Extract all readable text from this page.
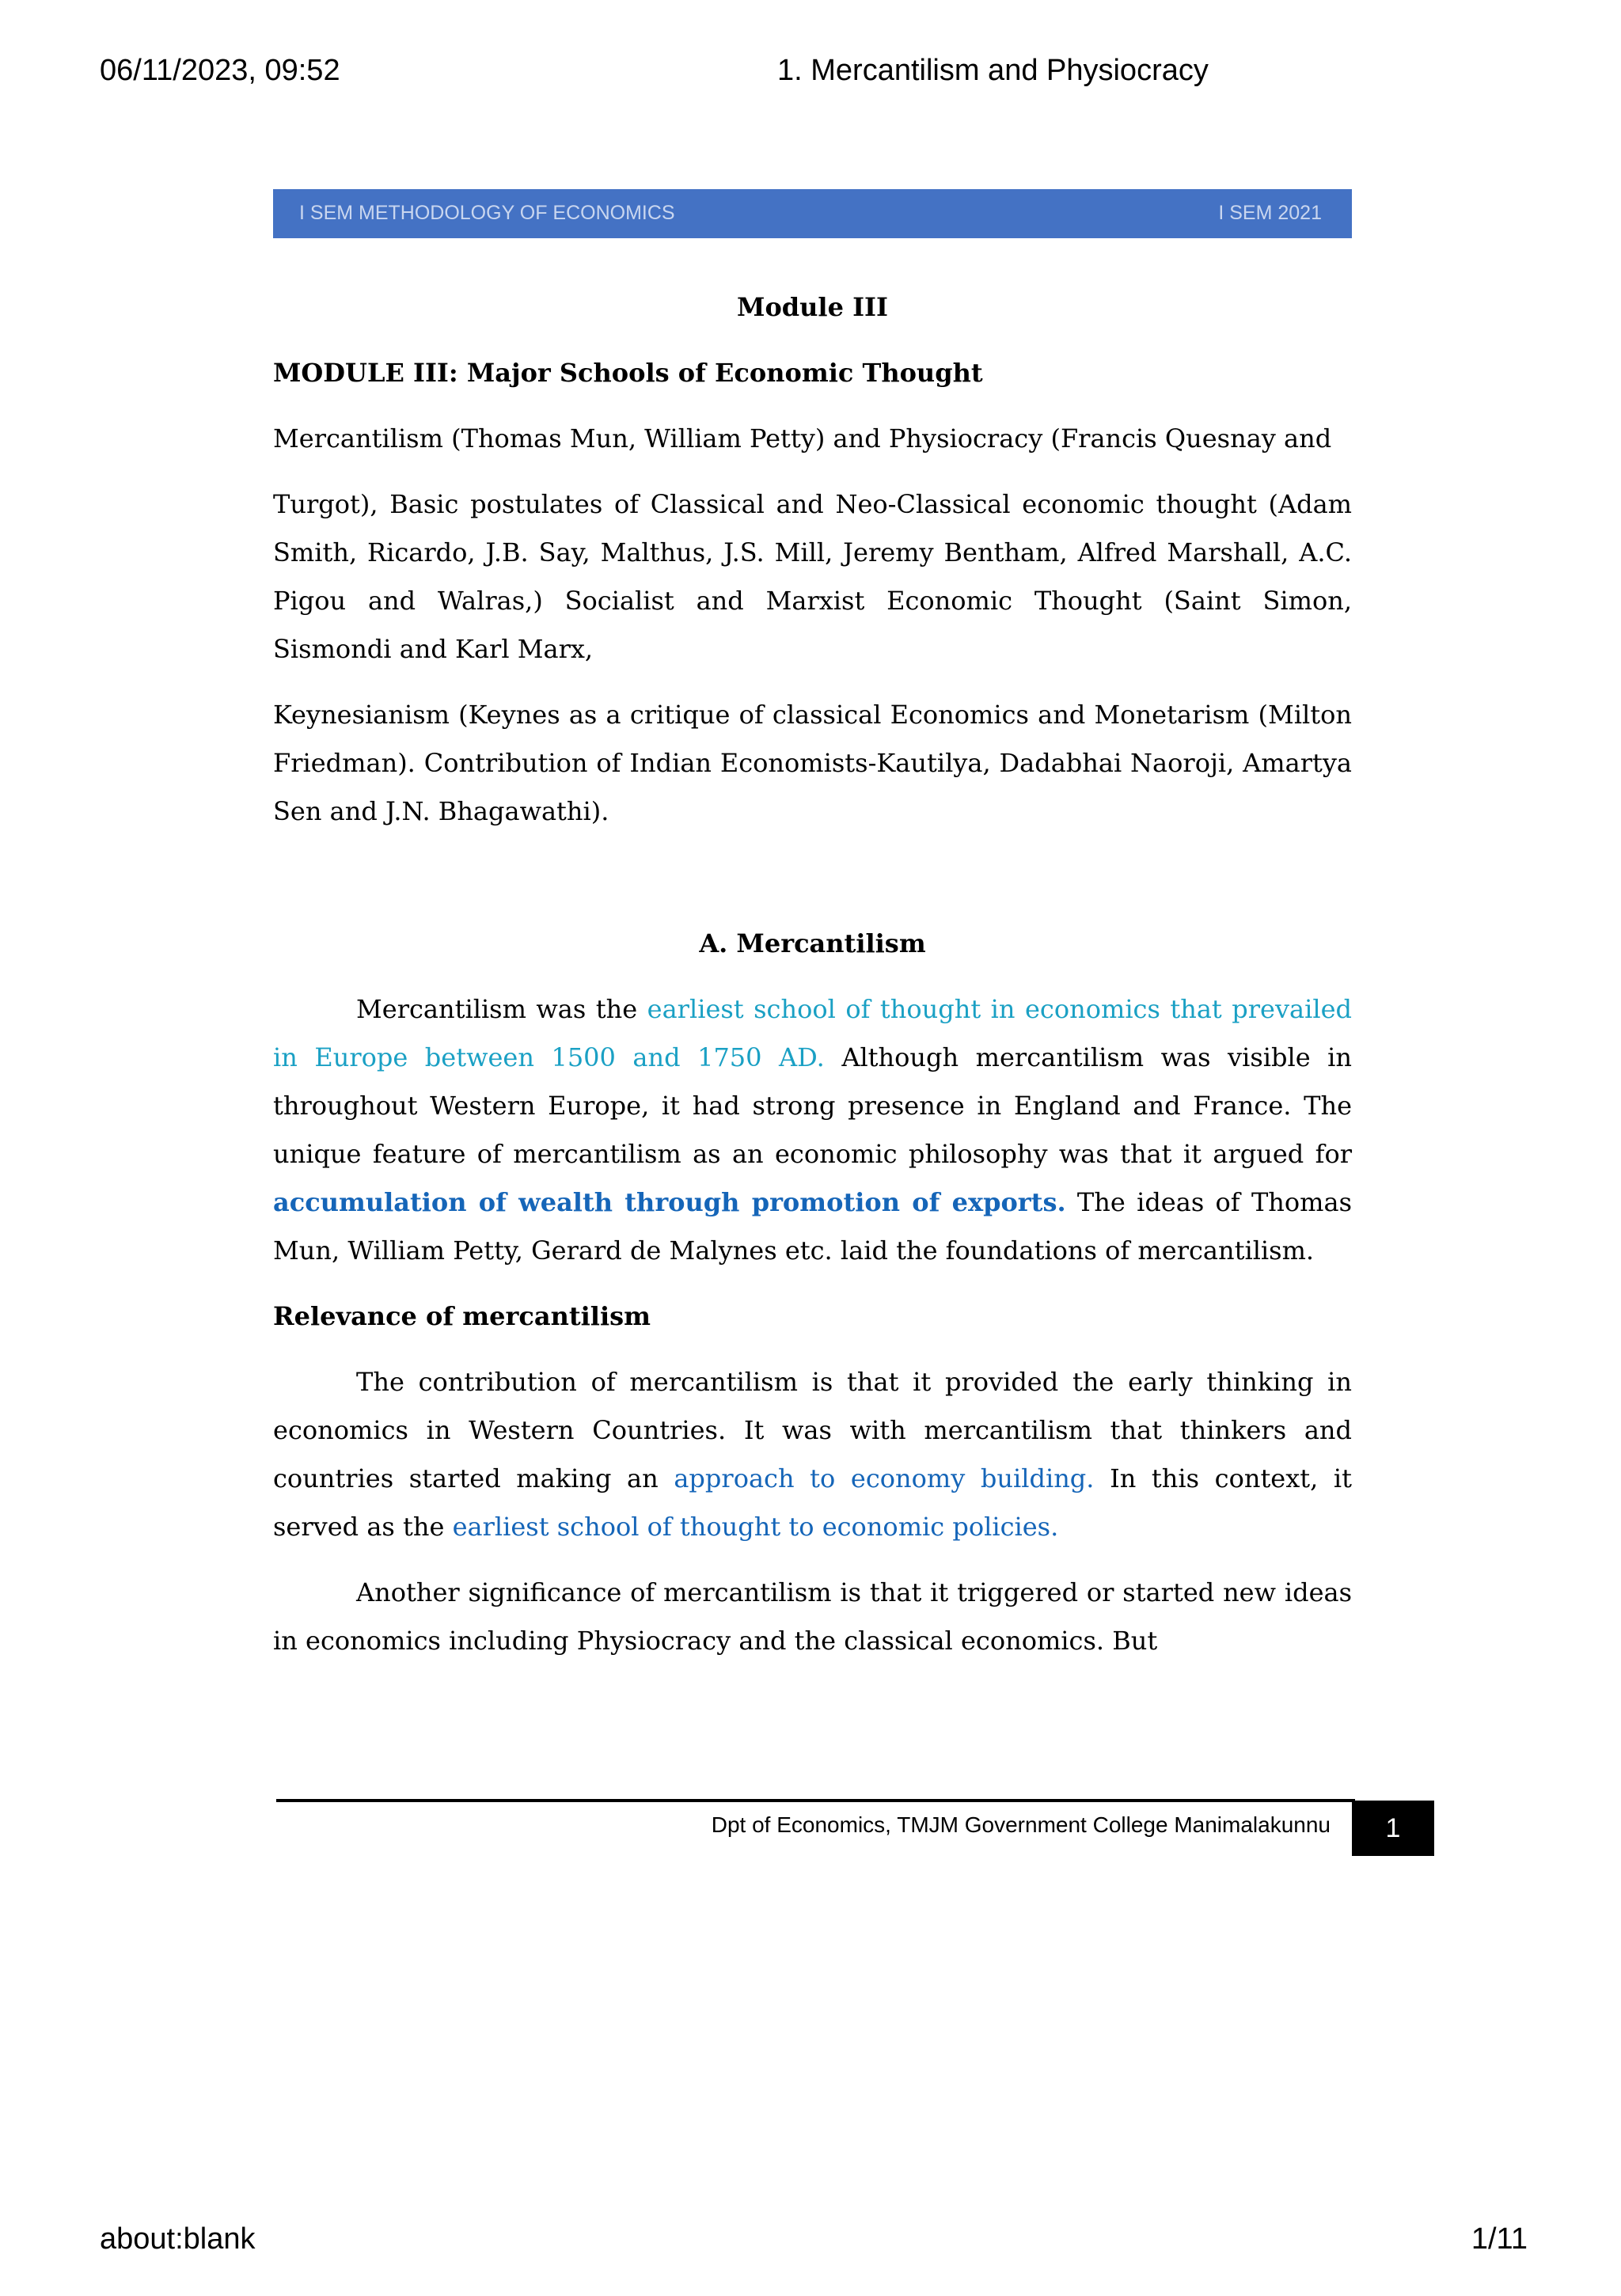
06/11/2023, 09:52	1. Mercantilism and Physiocracy
I SEM METHODOLOGY OF ECONOMICS	I SEM 2021

Module III

MODULE III: Major Schools of Economic Thought

Mercantilism (Thomas Mun, William Petty) and Physiocracy (Francis Quesnay and

Turgot), Basic postulates of Classical and Neo-Classical economic thought (Adam Smith, Ricardo, J.B. Say, Malthus, J.S. Mill, Jeremy Bentham, Alfred Marshall, A.C. Pigou and Walras,) Socialist and Marxist Economic Thought (Saint Simon, Sismondi and Karl Marx,

Keynesianism (Keynes as a critique of classical Economics and Monetarism (Milton Friedman). Contribution of Indian Economists-Kautilya, Dadabhai Naoroji, Amartya Sen and J.N. Bhagawathi).

A. Mercantilism

Mercantilism was the earliest school of thought in economics that prevailed in Europe between 1500 and 1750 AD. Although mercantilism was visible in throughout Western Europe, it had strong presence in England and France. The unique feature of mercantilism as an economic philosophy was that it argued for accumulation of wealth through promotion of exports. The ideas of Thomas Mun, William Petty, Gerard de Malynes etc. laid the foundations of mercantilism.

Relevance of mercantilism

The contribution of mercantilism is that it provided the early thinking in economics in Western Countries. It was with mercantilism that thinkers and countries started making an approach to economy building. In this context, it served as the earliest school of thought to economic policies.

Another significance of mercantilism is that it triggered or started new ideas in economics including Physiocracy and the classical economics. But

Dpt of Economics, TMJM Government College Manimalakunnu 1
about:blank	1/11
